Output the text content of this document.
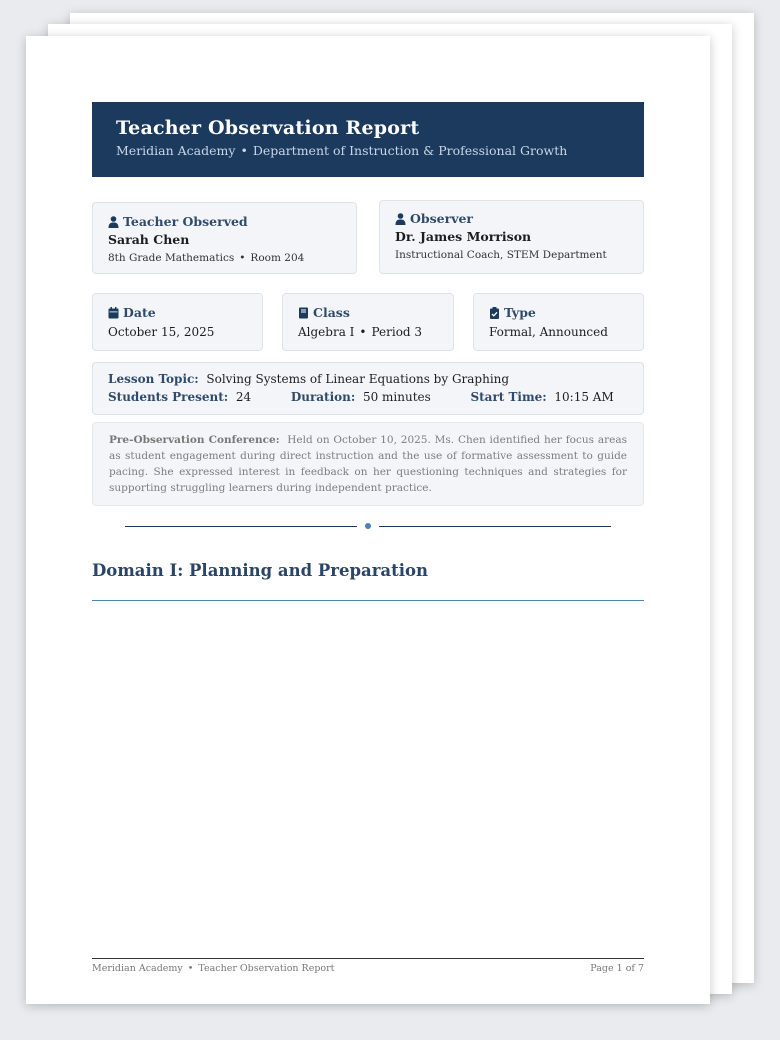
Teacher Observation Report
Meridian Academy • Department of Instruction & Professional Growth
Teacher Observed
Sarah Chen
8th Grade Mathematics • Room 204
Observer
Dr. James Morrison
Instructional Coach, STEM Department
Date
October 15, 2025
Class
Algebra I • Period 3
Type
Formal, Announced
Lesson Topic: Solving Systems of Linear Equations by Graphing
Students Present: 24	Duration: 50 minutes	Start Time: 10:15 AM
Pre-Observation Conference: Held on October 10, 2025. Ms. Chen identified her focus areas as student engagement during direct instruction and the use of formative assessment to guide pacing. She expressed interest in feedback on her questioning techniques and strategies for supporting struggling learners during independent practice.
Domain I: Planning and Preparation
Meridian Academy • Teacher Observation Report	Page 1 of 7
